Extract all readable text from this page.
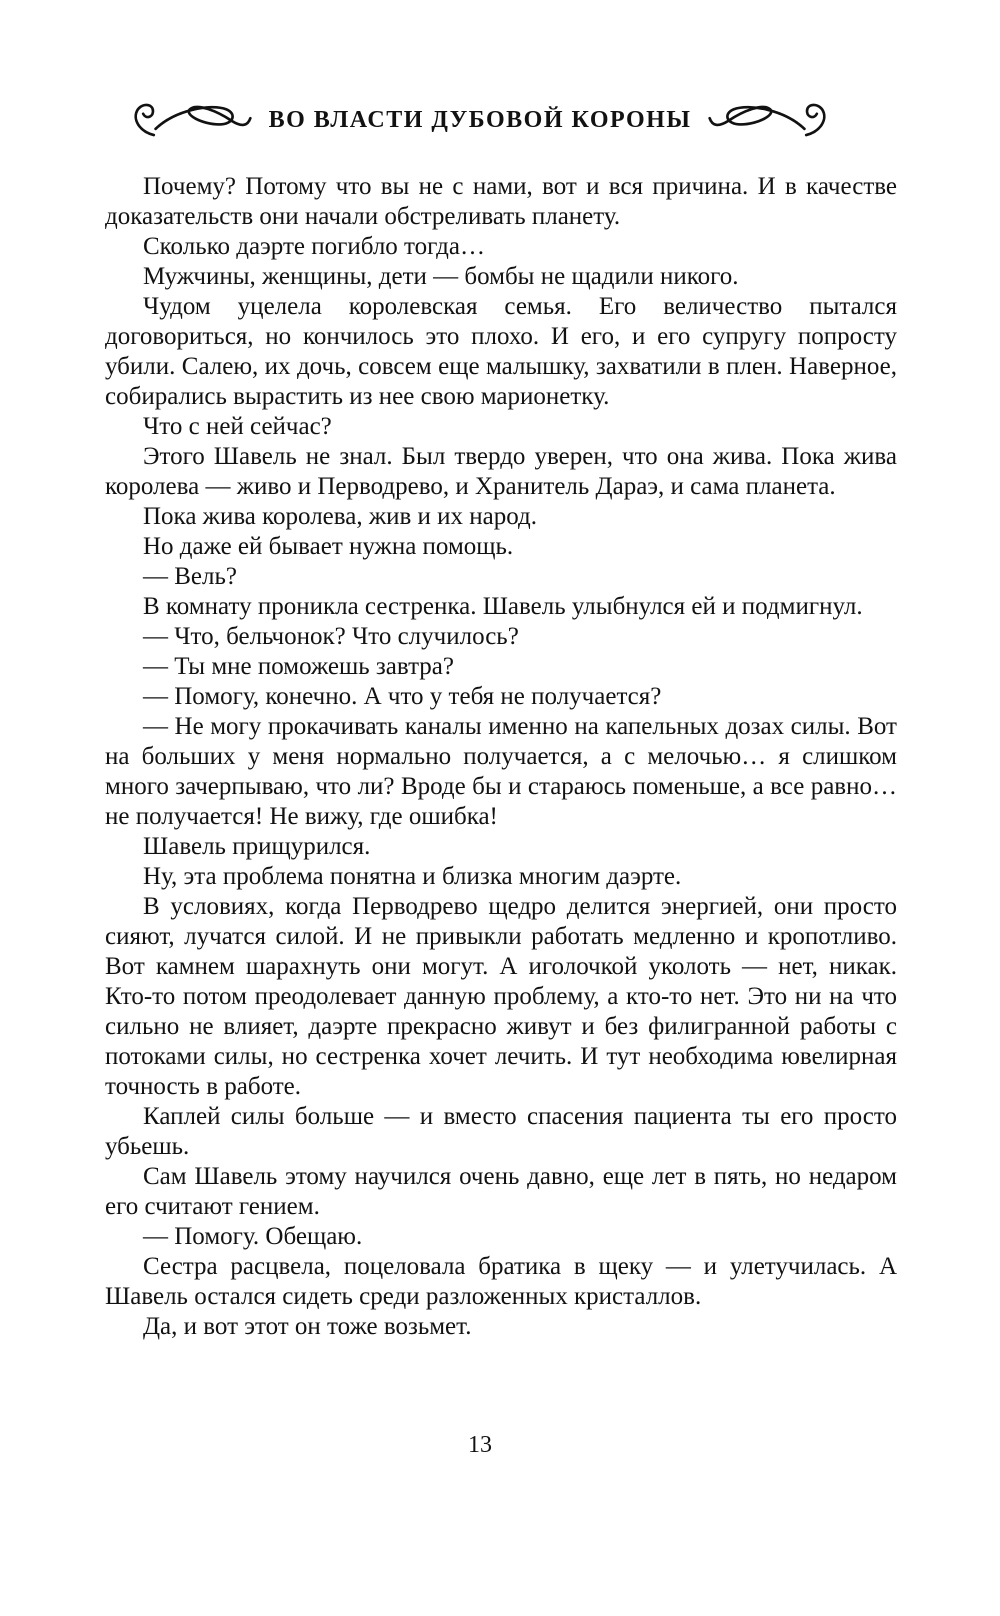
ВО ВЛАСТИ ДУБОВОЙ КОРОНЫ

Почему? Потому что вы не с нами, вот и вся причина. И в качестве доказательств они начали обстреливать планету.

Сколько даэрте погибло тогда…

Мужчины, женщины, дети — бомбы не щадили никого.

Чудом уцелела королевская семья. Его величество пытался договориться, но кончилось это плохо. И его, и его супругу попросту убили. Салею, их дочь, совсем еще малышку, захватили в плен. Наверное, собирались вырастить из нее свою марионетку.

Что с ней сейчас?

Этого Шавель не знал. Был твердо уверен, что она жива. Пока жива королева — живо и Перводрево, и Хранитель Дараэ, и сама планета.

Пока жива королева, жив и их народ.

Но даже ей бывает нужна помощь.

— Вель?

В комнату проникла сестренка. Шавель улыбнулся ей и подмигнул.

— Что, бельчонок? Что случилось?

— Ты мне поможешь завтра?

— Помогу, конечно. А что у тебя не получается?

— Не могу прокачивать каналы именно на капельных дозах силы. Вот на больших у меня нормально получается, а с мелочью… я слишком много зачерпываю, что ли? Вроде бы и стараюсь поменьше, а все равно… не получается! Не вижу, где ошибка!

Шавель прищурился.

Ну, эта проблема понятна и близка многим даэрте.

В условиях, когда Перводрево щедро делится энергией, они просто сияют, лучатся силой. И не привыкли работать медленно и кропотливо. Вот камнем шарахнуть они могут. А иголочкой уколоть — нет, никак. Кто-то потом преодолевает данную проблему, а кто-то нет. Это ни на что сильно не влияет, даэрте прекрасно живут и без филигранной работы с потоками силы, но сестренка хочет лечить. И тут необходима ювелирная точность в работе.

Каплей силы больше — и вместо спасения пациента ты его просто убьешь.

Сам Шавель этому научился очень давно, еще лет в пять, но недаром его считают гением.

— Помогу. Обещаю.

Сестра расцвела, поцеловала братика в щеку — и улетучилась. А Шавель остался сидеть среди разложенных кристаллов.

Да, и вот этот он тоже возьмет.

13
